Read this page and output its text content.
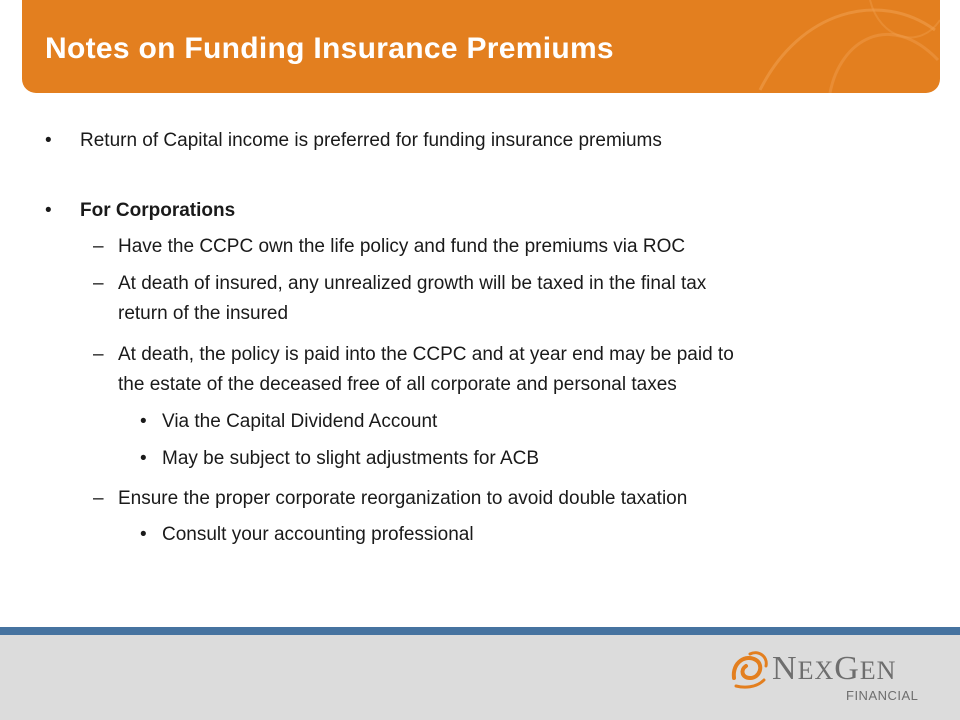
Notes on Funding Insurance Premiums
• Return of Capital income is preferred for funding insurance premiums

• For Corporations

– Have the CCPC own the life policy and fund the premiums via ROC

– At death of insured, any unrealized growth will be taxed in the final tax

return of the insured

– At death, the policy is paid into the CCPC and at year end may be paid to

the estate of the deceased free of all corporate and personal taxes

• Via the Capital Dividend Account

• May be subject to slight adjustments for ACB

– Ensure the proper corporate reorganization to avoid double taxation

• Consult your accounting professional

NEXGEN

FINANCIAL
